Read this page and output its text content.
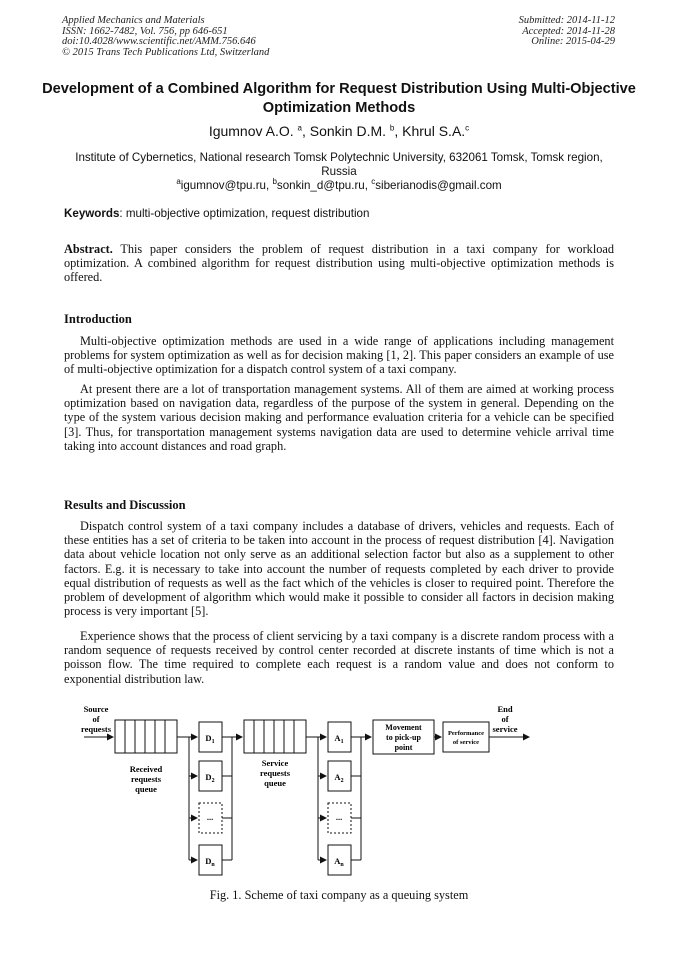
Applied Mechanics and Materials
ISSN: 1662-7482, Vol. 756, pp 646-651
doi:10.4028/www.scientific.net/AMM.756.646
© 2015 Trans Tech Publications Ltd, Switzerland
Submitted: 2014-11-12
Accepted: 2014-11-28
Online: 2015-04-29
Development of a Combined Algorithm for Request Distribution Using Multi-Objective Optimization Methods
Igumnov A.O. $^a$, Sonkin D.M. $^b$, Khrul S.A.$^c$
Institute of Cybernetics, National research Tomsk Polytechnic University, 632061 Tomsk, Tomsk region, Russia
$^a$igumnov@tpu.ru, $^b$sonkin_d@tpu.ru, $^c$siberianodis@gmail.com
Keywords: multi-objective optimization, request distribution
Abstract. This paper considers the problem of request distribution in a taxi company for workload optimization. A combined algorithm for request distribution using multi-objective optimization methods is offered.
Introduction
Multi-objective optimization methods are used in a wide range of applications including management problems for system optimization as well as for decision making [1, 2]. This paper considers an example of use of multi-objective optimization for a dispatch control system of a taxi company.
At present there are a lot of transportation management systems. All of them are aimed at working process optimization based on navigation data, regardless of the purpose of the system in general. Depending on the type of the system various decision making and performance evaluation criteria for a vehicle can be specified [3]. Thus, for transportation management systems navigation data are used to determine vehicle arrival time taking into account distances and road graph.
Results and Discussion
Dispatch control system of a taxi company includes a database of drivers, vehicles and requests. Each of these entities has a set of criteria to be taken into account in the process of request distribution [4]. Navigation data about vehicle location not only serve as an additional selection factor but also as a supplement to other factors. E.g. it is necessary to take into account the number of requests completed by each driver to provide equal distribution of requests as well as the fact which of the vehicles is closer to required point. Therefore the problem of development of algorithm which would make it possible to consider all factors in decision making process is very important [5].
Experience shows that the process of client servicing by a taxi company is a discrete random process with a random sequence of requests received by control center recorded at discrete instants of time which is not a poisson flow. The time required to complete each request is a random value and does not conform to exponential distribution law.
Source
of
requests
Received
requests
queue
$D_1$
$D_2$
...
$D_n$
Service
requests
queue
$A_1$
$A_2$
...
$A_n$
Movement
to pick-up
point
Performance
of service
End
of
service
Fig. 1. Scheme of taxi company as a queuing system
